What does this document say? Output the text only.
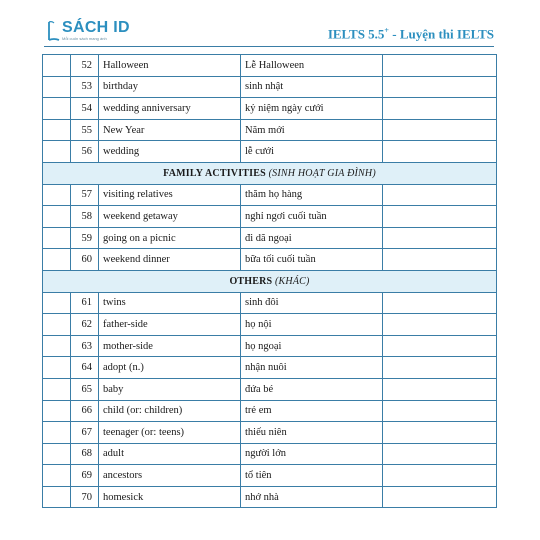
SÁCH ID
Mỗi cuốn sách mang ánh	IELTS 5.5+ - Luyện thi IELTS
	52	Halloween	Lễ Halloween	
	53	birthday	sinh nhật	
	54	wedding anniversary	kỷ niệm ngày cưới	
	55	New Year	Năm mới	
	56	wedding	lễ cưới	
FAMILY ACTIVITIES (SINH HOẠT GIA ĐÌNH)				
	57	visiting relatives	thăm họ hàng	
	58	weekend getaway	nghỉ ngơi cuối tuần	
	59	going on a picnic	đi dã ngoại	
	60	weekend dinner	bữa tối cuối tuần	
OTHERS (KHÁC)				
	61	twins	sinh đôi	
	62	father-side	họ nội	
	63	mother-side	họ ngoại	
	64	adopt (n.)	nhận nuôi	
	65	baby	đứa bé	
	66	child (or: children)	trẻ em	
	67	teenager (or: teens)	thiếu niên	
	68	adult	người lớn	
	69	ancestors	tổ tiên	
	70	homesick	nhớ nhà	
